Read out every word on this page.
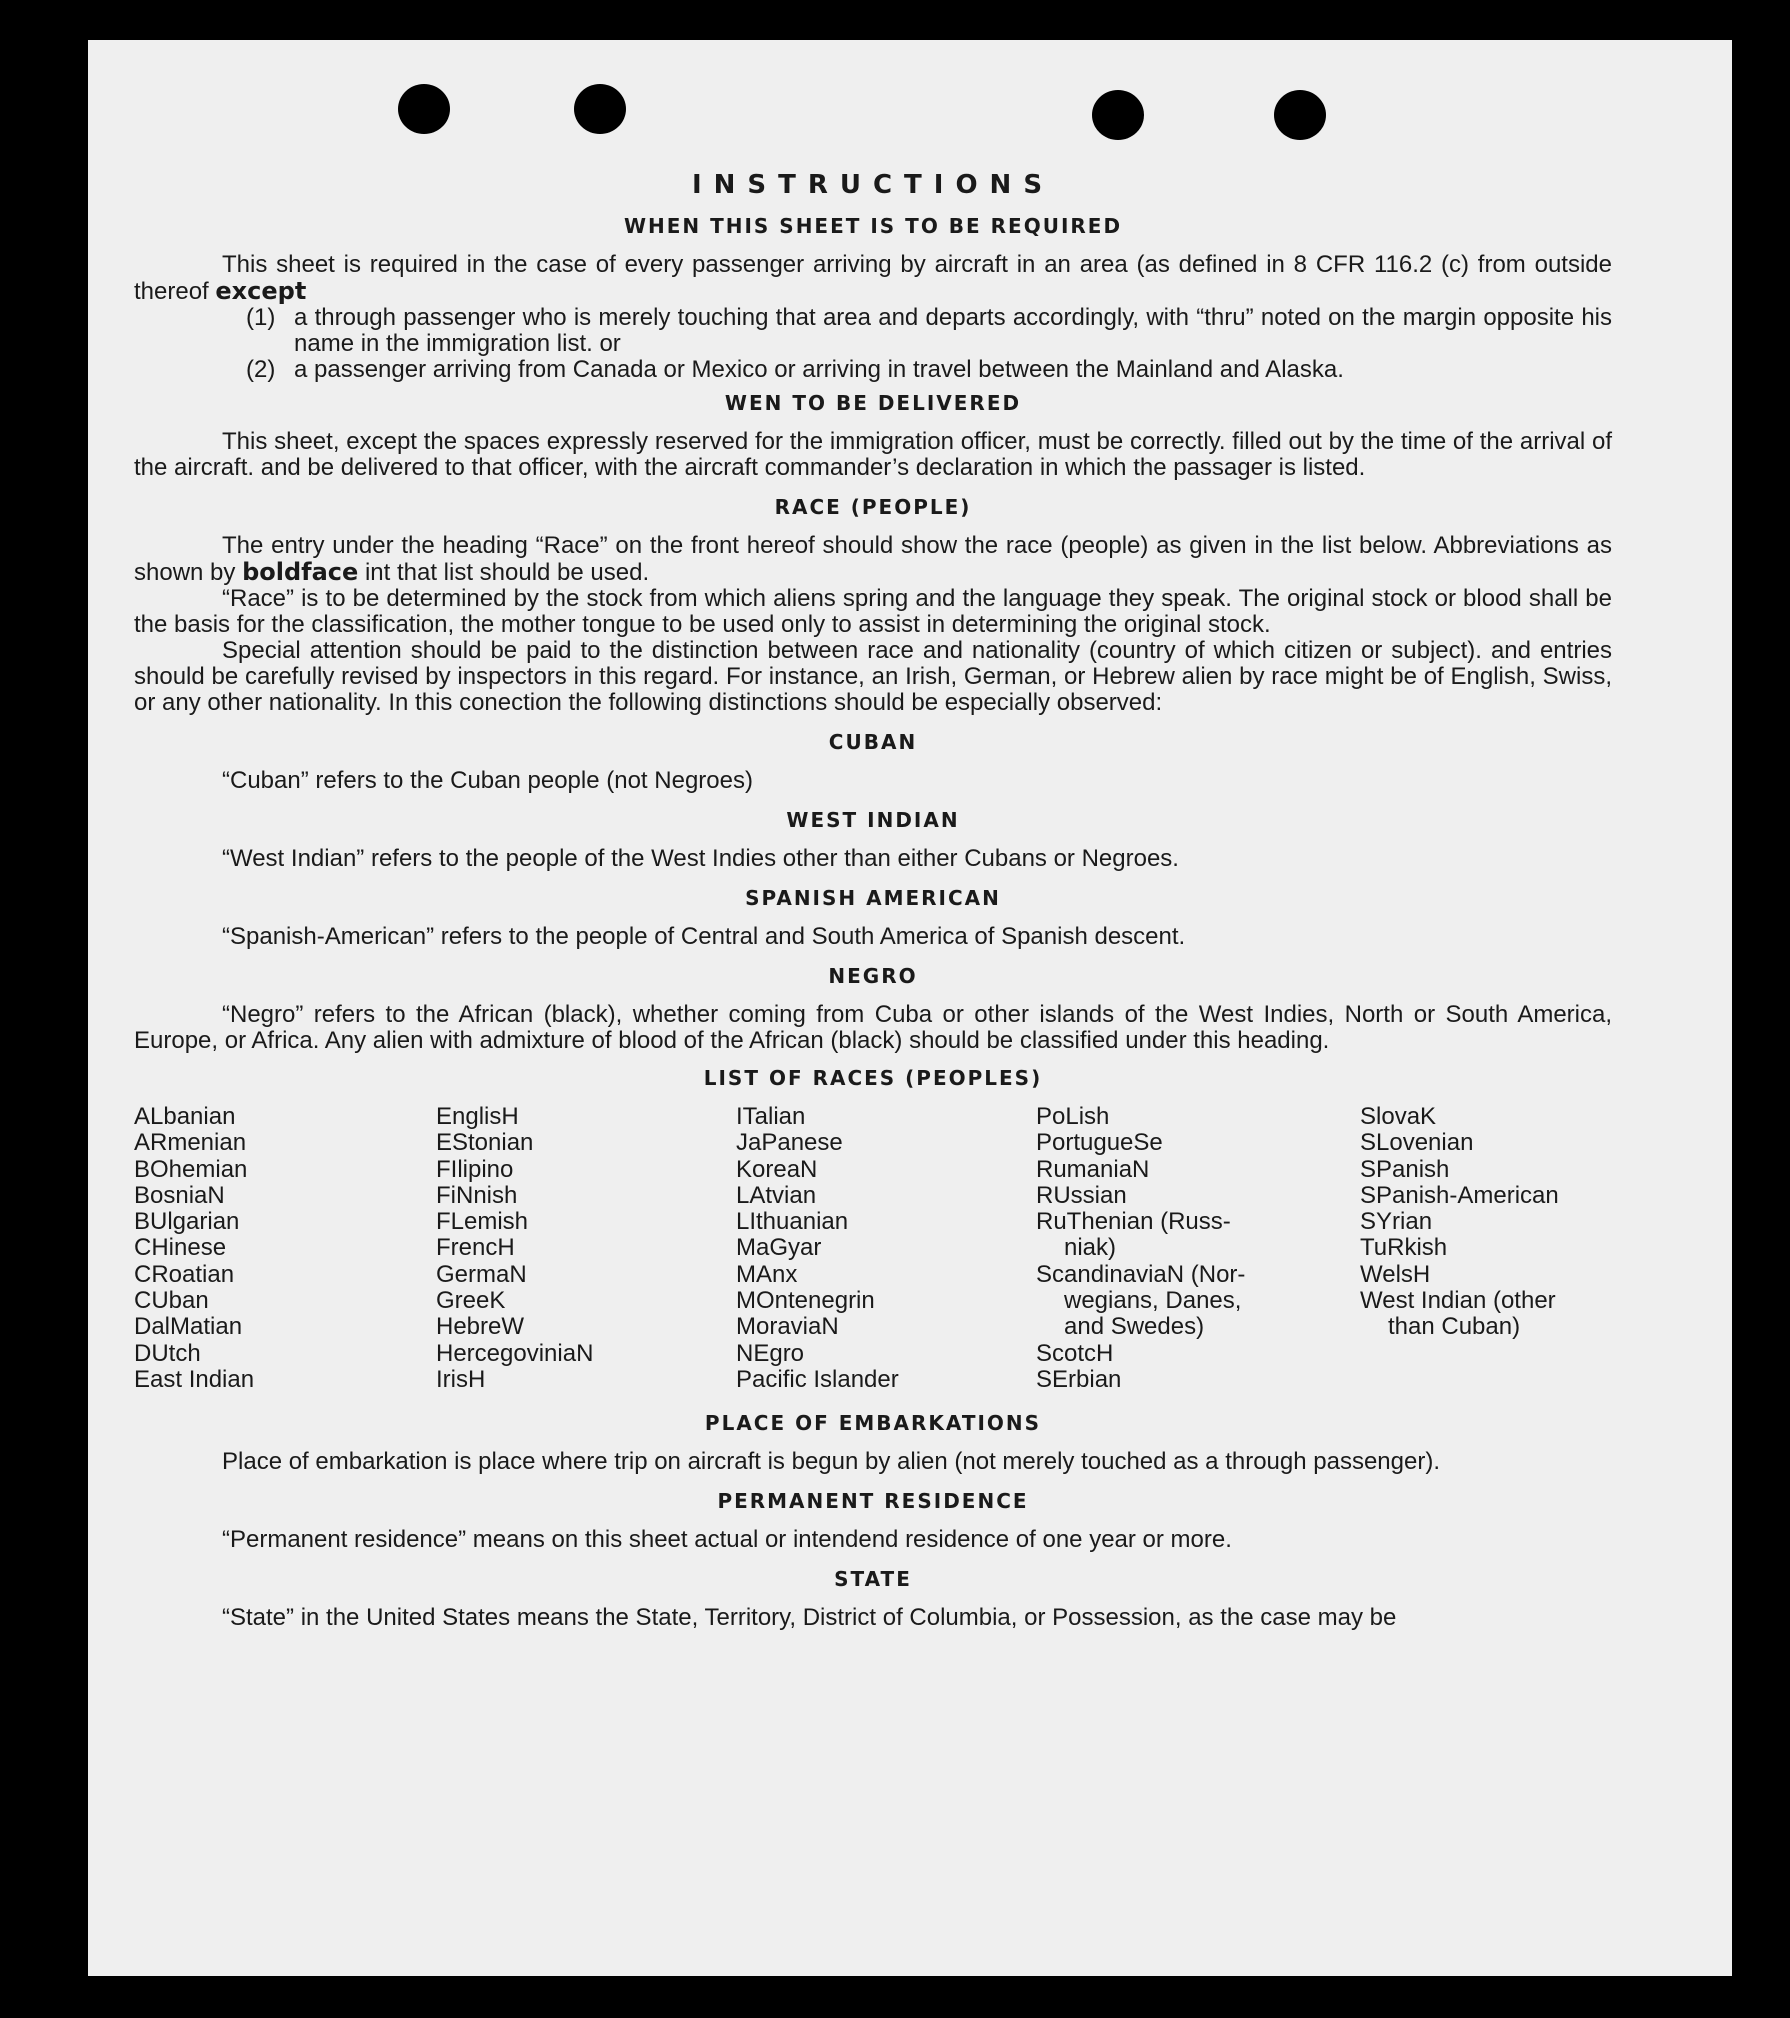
INSTRUCTIONS
WHEN THIS SHEET IS TO BE REQUIRED

This sheet is required in the case of every passenger arriving by aircraft in an area (as defined in 8 CFR 116.2 (c) from outside thereof except

(1) a through passenger who is merely touching that area and departs accordingly, with “thru” noted on the margin opposite his name in the immigration list. or
(2) a passenger arriving from Canada or Mexico or arriving in travel between the Mainland and Alaska.
WEN TO BE DELIVERED

This sheet, except the spaces expressly reserved for the immigration officer, must be correctly. filled out by the time of the arrival of the aircraft. and be delivered to that officer, with the aircraft commander’s declaration in which the passager is listed.

RACE (PEOPLE)

The entry under the heading “Race” on the front hereof should show the race (people) as given in the list below. Abbreviations as shown by boldface int that list should be used.

“Race” is to be determined by the stock from which aliens spring and the language they speak. The original stock or blood shall be the basis for the classification, the mother tongue to be used only to assist in determining the original stock.

Special attention should be paid to the distinction between race and nationality (country of which citizen or subject). and entries should be carefully revised by inspectors in this regard. For instance, an Irish, German, or Hebrew alien by race might be of English, Swiss, or any other nationality. In this conection the following distinctions should be especially observed:

CUBAN
“Cuban” refers to the Cuban people (not Negroes)
WEST INDIAN
“West Indian” refers to the people of the West Indies other than either Cubans or Negroes.
SPANISH AMERICAN
“Spanish-American” refers to the people of Central and South America of Spanish descent.
NEGRO

“Negro” refers to the African (black), whether coming from Cuba or other islands of the West Indies, North or South America, Europe, or Africa. Any alien with admixture of blood of the African (black) should be classified under this heading.

LIST OF RACES (PEOPLES)
ALbanian
ARmenian
BOhemian
BosniaN
BUlgarian
CHinese
CRoatian
CUban
DalMatian
DUtch
East Indian
EnglisH
EStonian
FIlipino
FiNnish
FLemish
FrencH
GermaN
GreeK
HebreW
HercegoviniaN
IrisH
ITalian
JaPanese
KoreaN
LAtvian
LIthuanian
MaGyar
MAnx
MOntenegrin
MoraviaN
NEgro
Pacific Islander
PoLish
PortugueSe
RumaniaN
RUssian
RuThenian (Russ-
niak)
ScandinaviaN (Nor-
wegians, Danes,
and Swedes)
ScotcH
SErbian
SlovaK
SLovenian
SPanish
SPanish-American
SYrian
TuRkish
WelsH
West Indian (other
than Cuban)
PLACE OF EMBARKATIONS

Place of embarkation is place where trip on aircraft is begun by alien (not merely touched as a through passenger).

PERMANENT RESIDENCE
“Permanent residence” means on this sheet actual or intendend residence of one year or more.
STATE

“State” in the United States means the State, Territory, District of Columbia, or Possession, as the case may be
